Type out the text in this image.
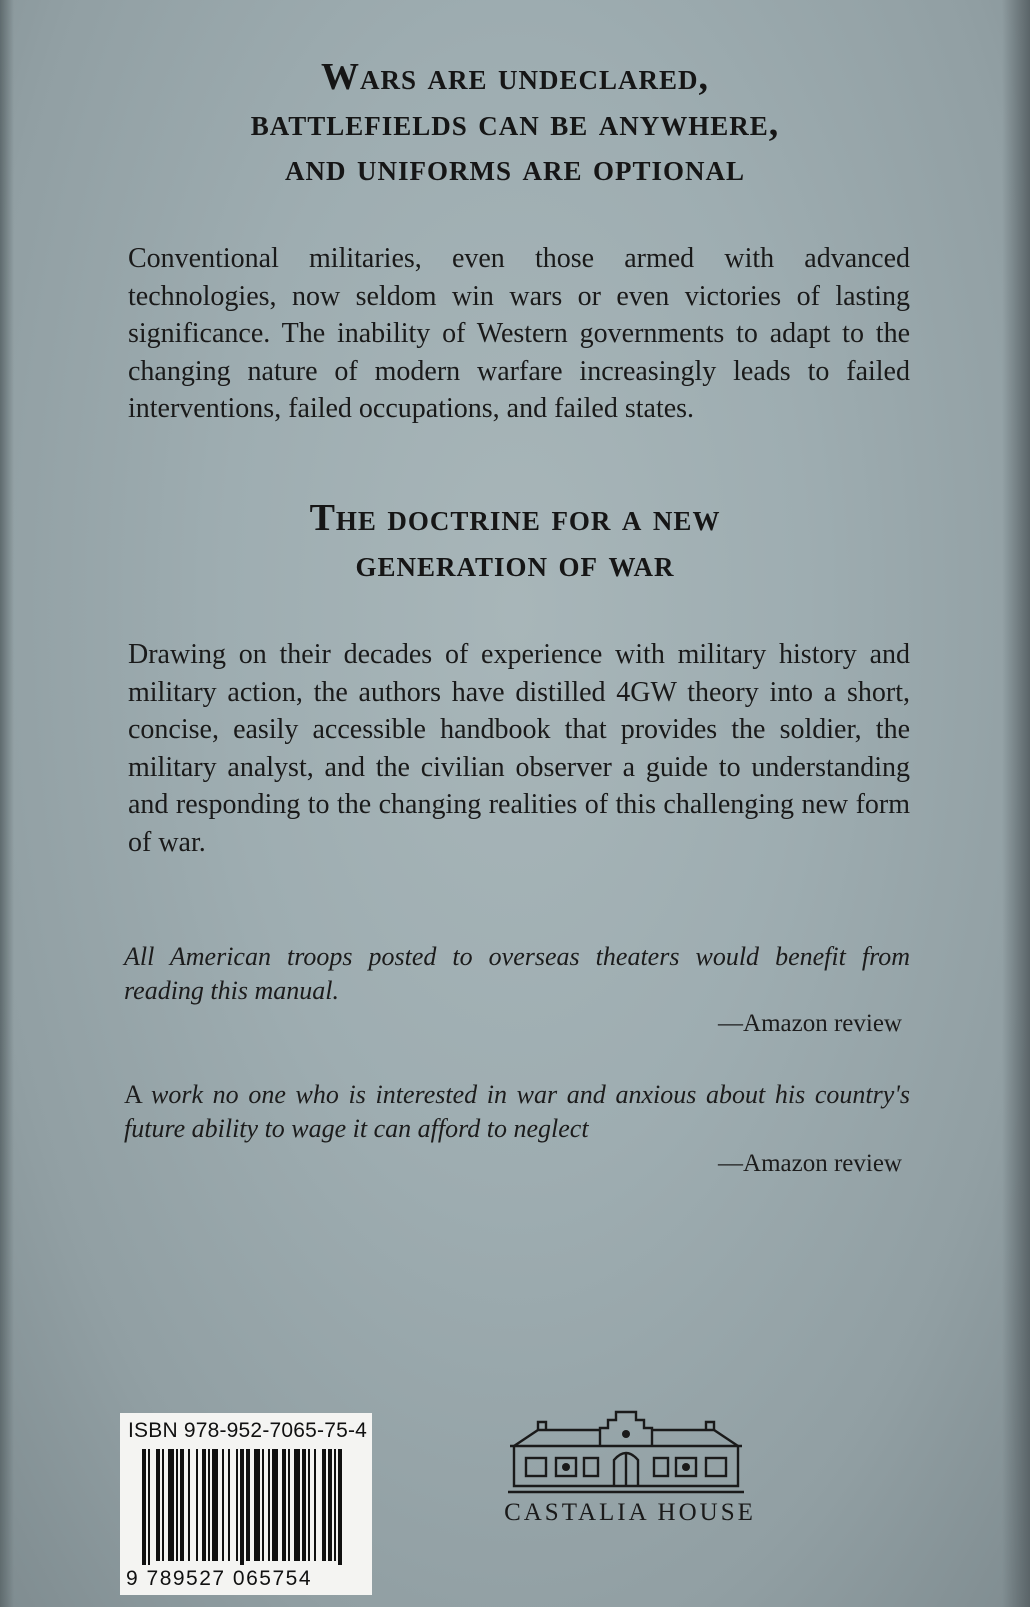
Wars are undeclared,
battlefields can be anywhere,
and uniforms are optional

Conventional militaries, even those armed with advanced technologies, now seldom win wars or even victories of lasting significance. The inability of Western governments to adapt to the changing nature of modern warfare increasingly leads to failed interventions, failed occupations, and failed states.

The doctrine for a new
generation of war

Drawing on their decades of experience with military history and military action, the authors have distilled 4GW theory into a short, concise, easily accessible handbook that provides the soldier, the military analyst, and the civilian observer a guide to understanding and responding to the changing realities of this challenging new form of war.

All American troops posted to overseas theaters would benefit from reading this manual.

—Amazon review

A work no one who is interested in war and anxious about his country's future ability to wage it can afford to neglect

—Amazon review

ISBN 978-952-7065-75-4
9 789527 065754

CASTALIA HOUSE
